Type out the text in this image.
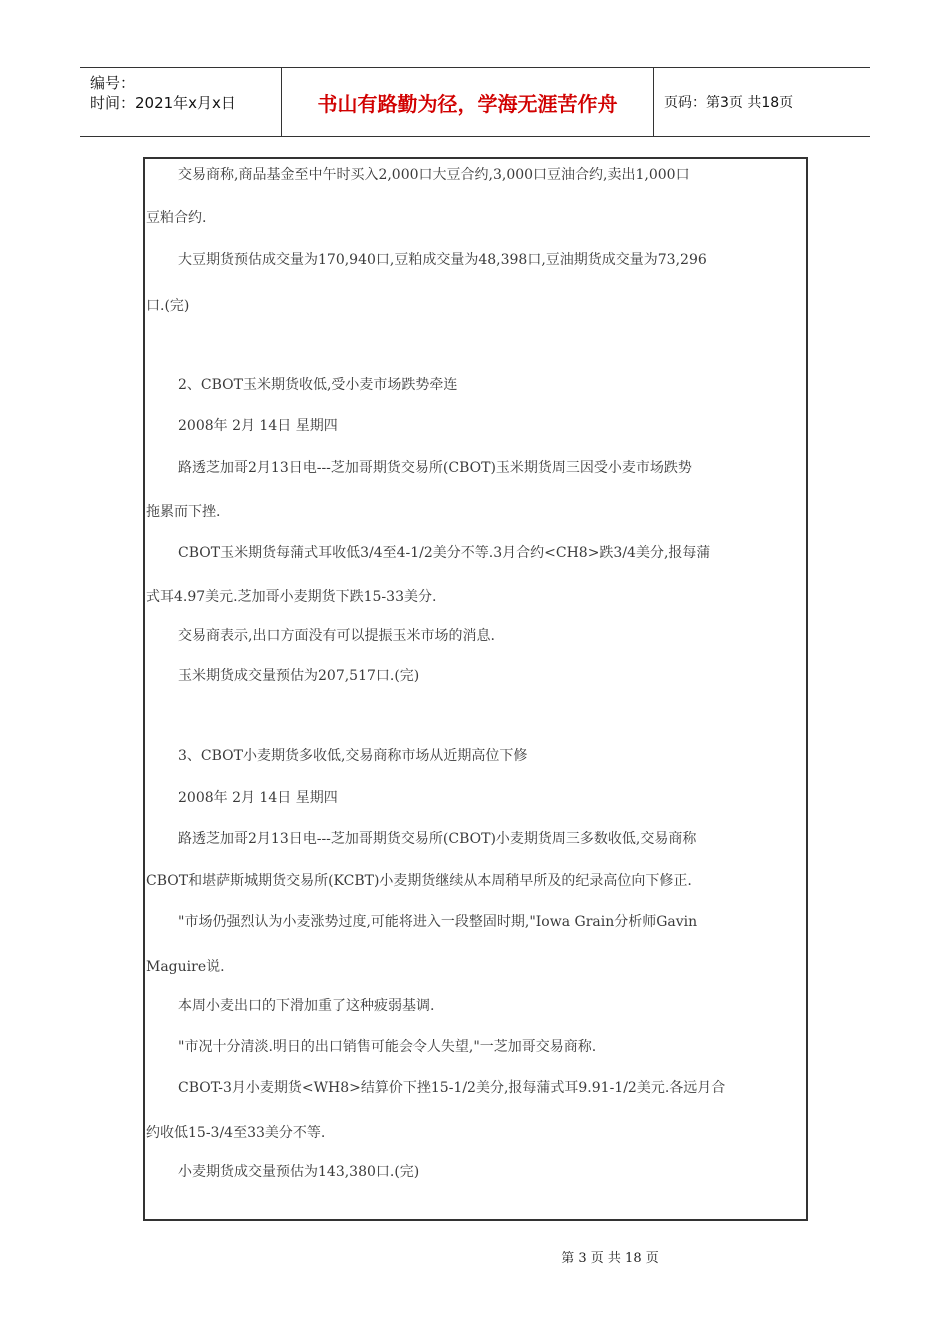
编号：
时间：2021年x月x日	书山有路勤为径，学海无涯苦作舟	页码：第3页 共18页
交易商称,商品基金至中午时买入2,000口大豆合约,3,000口豆油合约,卖出1,000口
豆粕合约.
大豆期货预估成交量为170,940口,豆粕成交量为48,398口,豆油期货成交量为73,296
口.(完)
2、CBOT玉米期货收低,受小麦市场跌势牵连
2008年 2月 14日 星期四
路透芝加哥2月13日电---芝加哥期货交易所(CBOT)玉米期货周三因受小麦市场跌势
拖累而下挫.
CBOT玉米期货每蒲式耳收低3/4至4-1/2美分不等.3月合约<CH8>跌3/4美分,报每蒲
式耳4.97美元.芝加哥小麦期货下跌15-33美分.
交易商表示,出口方面没有可以提振玉米市场的消息.
玉米期货成交量预估为207,517口.(完)
3、CBOT小麦期货多收低,交易商称市场从近期高位下修
2008年 2月 14日 星期四
路透芝加哥2月13日电---芝加哥期货交易所(CBOT)小麦期货周三多数收低,交易商称
CBOT和堪萨斯城期货交易所(KCBT)小麦期货继续从本周稍早所及的纪录高位向下修正.
"市场仍强烈认为小麦涨势过度,可能将进入一段整固时期,"Iowa Grain分析师Gavin
Maguire说.
本周小麦出口的下滑加重了这种疲弱基调.
"市况十分清淡.明日的出口销售可能会令人失望,"一芝加哥交易商称.
CBOT-3月小麦期货<WH8>结算价下挫15-1/2美分,报每蒲式耳9.91-1/2美元.各远月合
约收低15-3/4至33美分不等.
小麦期货成交量预估为143,380口.(完)
第 3 页 共 18 页
